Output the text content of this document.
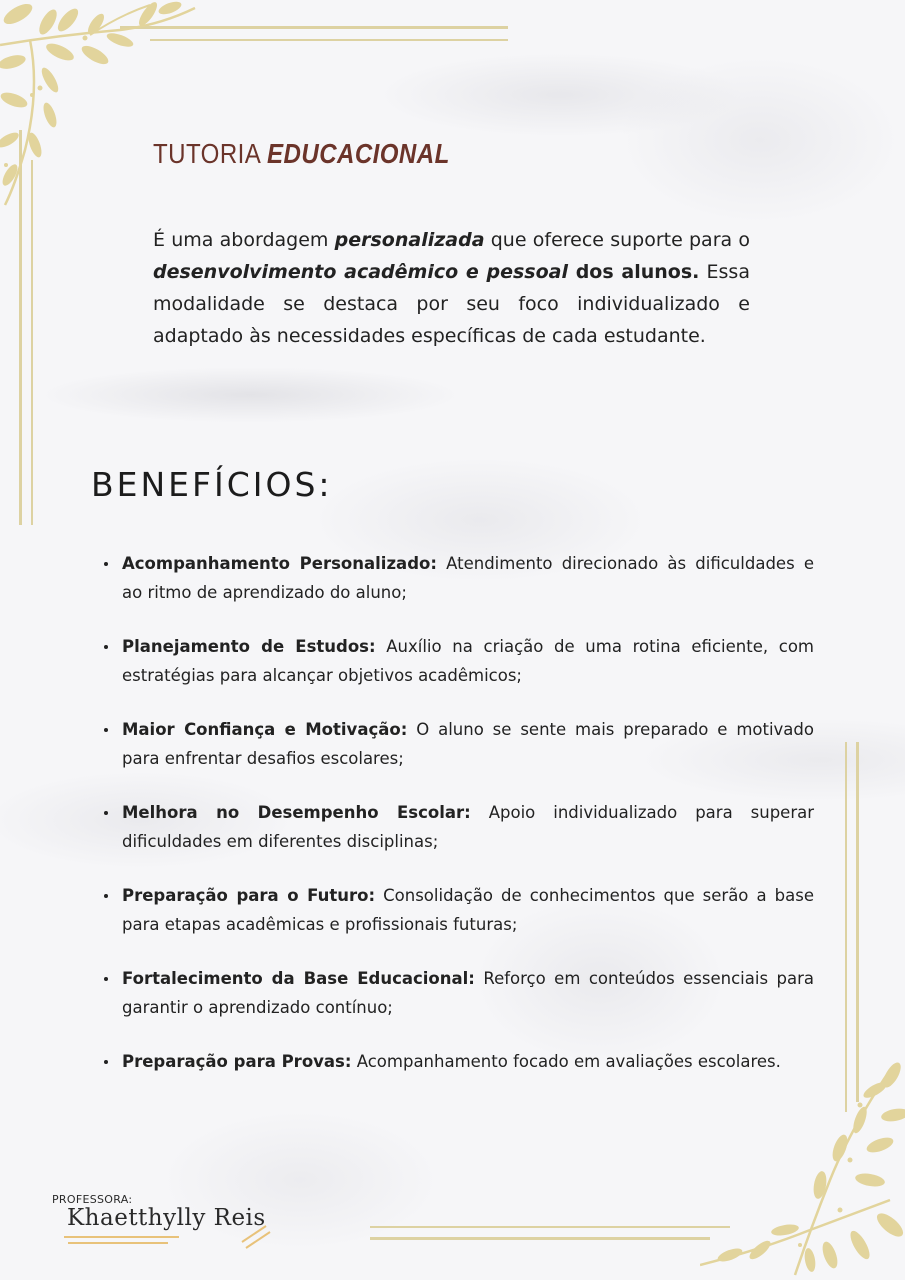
TUTORIA EDUCACIONAL

É uma abordagem personalizada que oferece suporte para o desenvolvimento acadêmico e pessoal dos alunos. Essa modalidade se destaca por seu foco individualizado e adaptado às necessidades específicas de cada estudante.

BENEFÍCIOS:
Acompanhamento Personalizado: Atendimento direcionado às dificuldades e ao ritmo de aprendizado do aluno;
Planejamento de Estudos: Auxílio na criação de uma rotina eficiente, com estratégias para alcançar objetivos acadêmicos;
Maior Confiança e Motivação: O aluno se sente mais preparado e motivado para enfrentar desafios escolares;
Melhora no Desempenho Escolar: Apoio individualizado para superar dificuldades em diferentes disciplinas;
Preparação para o Futuro: Consolidação de conhecimentos que serão a base para etapas acadêmicas e profissionais futuras;
Fortalecimento da Base Educacional: Reforço em conteúdos essenciais para garantir o aprendizado contínuo;
Preparação para Provas: Acompanhamento focado em avaliações escolares.
PROFESSORA:
Khaetthylly Reis
